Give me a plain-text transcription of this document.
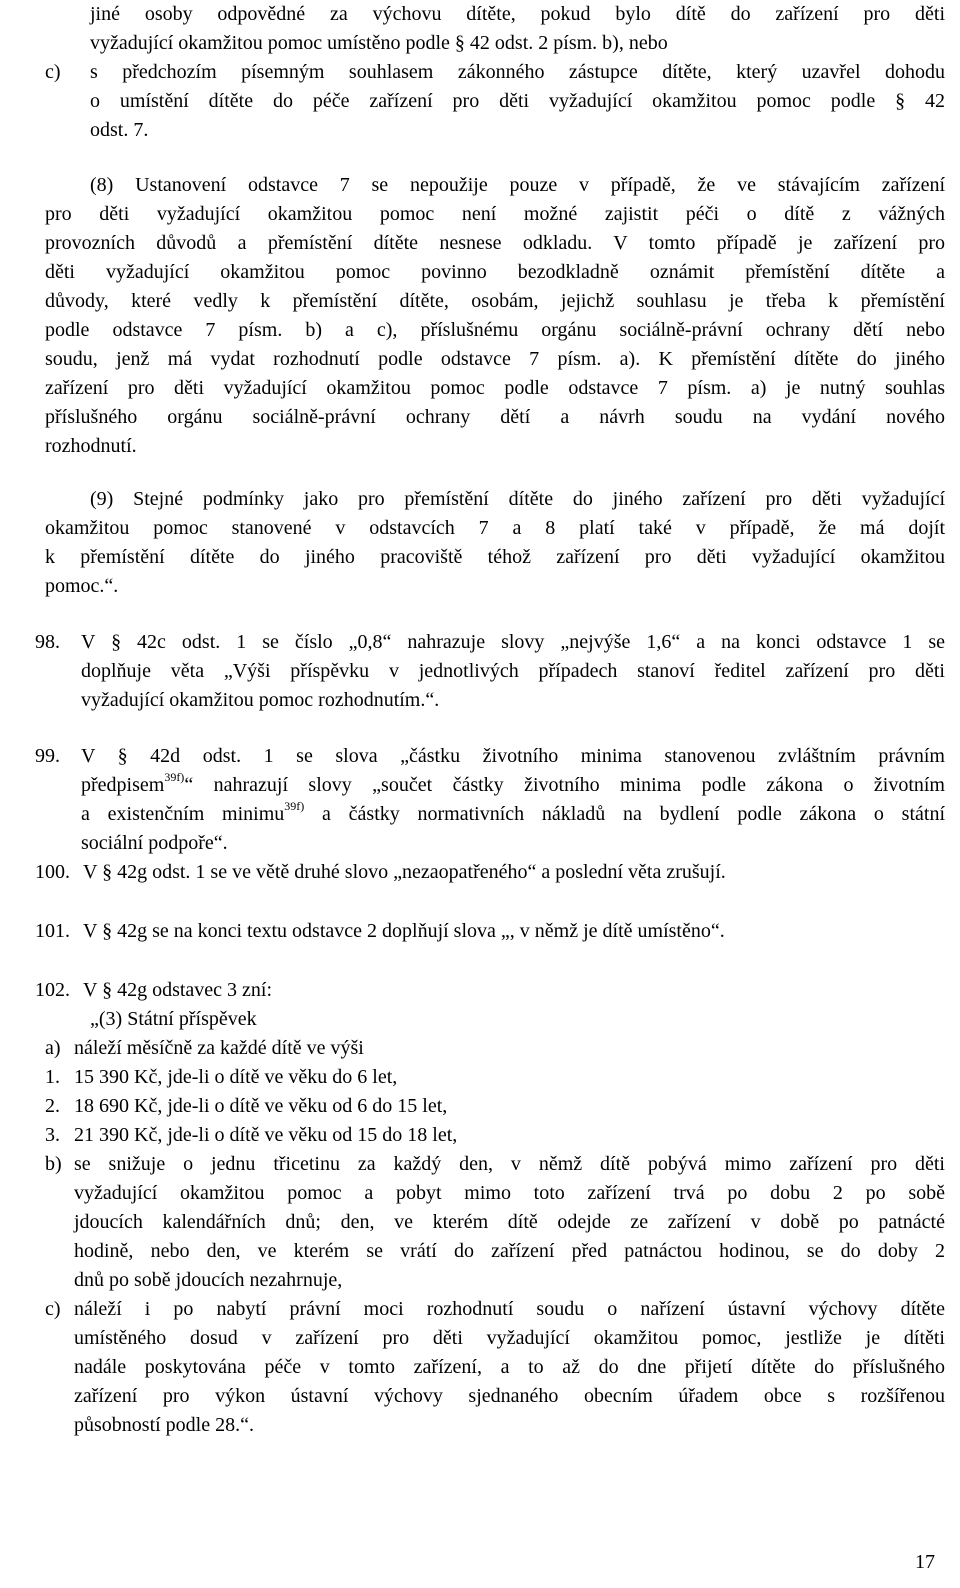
jiné osoby odpovědné za výchovu dítěte, pokud bylo dítě do zařízení pro děti
vyžadující okamžitou pomoc umístěno podle § 42 odst. 2 písm. b), nebo
c) s předchozím písemným souhlasem zákonného zástupce dítěte, který uzavřel dohodu
o umístění dítěte do péče zařízení pro děti vyžadující okamžitou pomoc podle § 42
odst. 7.
(8) Ustanovení odstavce 7 se nepoužije pouze v případě, že ve stávajícím zařízení
pro děti vyžadující okamžitou pomoc není možné zajistit péči o dítě z vážných
provozních důvodů a přemístění dítěte nesnese odkladu. V tomto případě je zařízení pro
děti vyžadující okamžitou pomoc povinno bezodkladně oznámit přemístění dítěte a
důvody, které vedly k přemístění dítěte, osobám, jejichž souhlasu je třeba k přemístění
podle odstavce 7 písm. b) a c), příslušnému orgánu sociálně-právní ochrany dětí nebo
soudu, jenž má vydat rozhodnutí podle odstavce 7 písm. a). K přemístění dítěte do jiného
zařízení pro děti vyžadující okamžitou pomoc podle odstavce 7 písm. a) je nutný souhlas
příslušného orgánu sociálně-právní ochrany dětí a návrh soudu na vydání nového
rozhodnutí.
(9) Stejné podmínky jako pro přemístění dítěte do jiného zařízení pro děti vyžadující
okamžitou pomoc stanovené v odstavcích 7 a 8 platí také v případě, že má dojít
k přemístění dítěte do jiného pracoviště téhož zařízení pro děti vyžadující okamžitou
pomoc.“.
98. V § 42c odst. 1 se číslo „0,8“ nahrazuje slovy „nejvýše 1,6“ a na konci odstavce 1 se
doplňuje věta „Výši příspěvku v jednotlivých případech stanoví ředitel zařízení pro děti
vyžadující okamžitou pomoc rozhodnutím.“.
99. V § 42d odst. 1 se slova „částku životního minima stanovenou zvláštním právním
předpisem$^{39f)}$“ nahrazují slovy „součet částky životního minima podle zákona o životním
a existenčním minimu$^{39f)}$ a částky normativních nákladů na bydlení podle zákona o státní
sociální podpoře“.
100. V § 42g odst. 1 se ve větě druhé slovo „nezaopatřeného“ a poslední věta zrušují.
101. V § 42g se na konci textu odstavce 2 doplňují slova „, v němž je dítě umístěno“.
102. V § 42g odstavec 3 zní:
„(3) Státní příspěvek
a) náleží měsíčně za každé dítě ve výši
1. 15 390 Kč, jde-li o dítě ve věku do 6 let,
2. 18 690 Kč, jde-li o dítě ve věku od 6 do 15 let,
3. 21 390 Kč, jde-li o dítě ve věku od 15 do 18 let,
b) se snižuje o jednu třicetinu za každý den, v němž dítě pobývá mimo zařízení pro děti
vyžadující okamžitou pomoc a pobyt mimo toto zařízení trvá po dobu 2 po sobě
jdoucích kalendářních dnů; den, ve kterém dítě odejde ze zařízení v době po patnácté
hodině, nebo den, ve kterém se vrátí do zařízení před patnáctou hodinou, se do doby 2
dnů po sobě jdoucích nezahrnuje,
c) náleží i po nabytí právní moci rozhodnutí soudu o nařízení ústavní výchovy dítěte
umístěného dosud v zařízení pro děti vyžadující okamžitou pomoc, jestliže je dítěti
nadále poskytována péče v tomto zařízení, a to až do dne přijetí dítěte do příslušného
zařízení pro výkon ústavní výchovy sjednaného obecním úřadem obce s rozšířenou
působností podle 28.“.
17
